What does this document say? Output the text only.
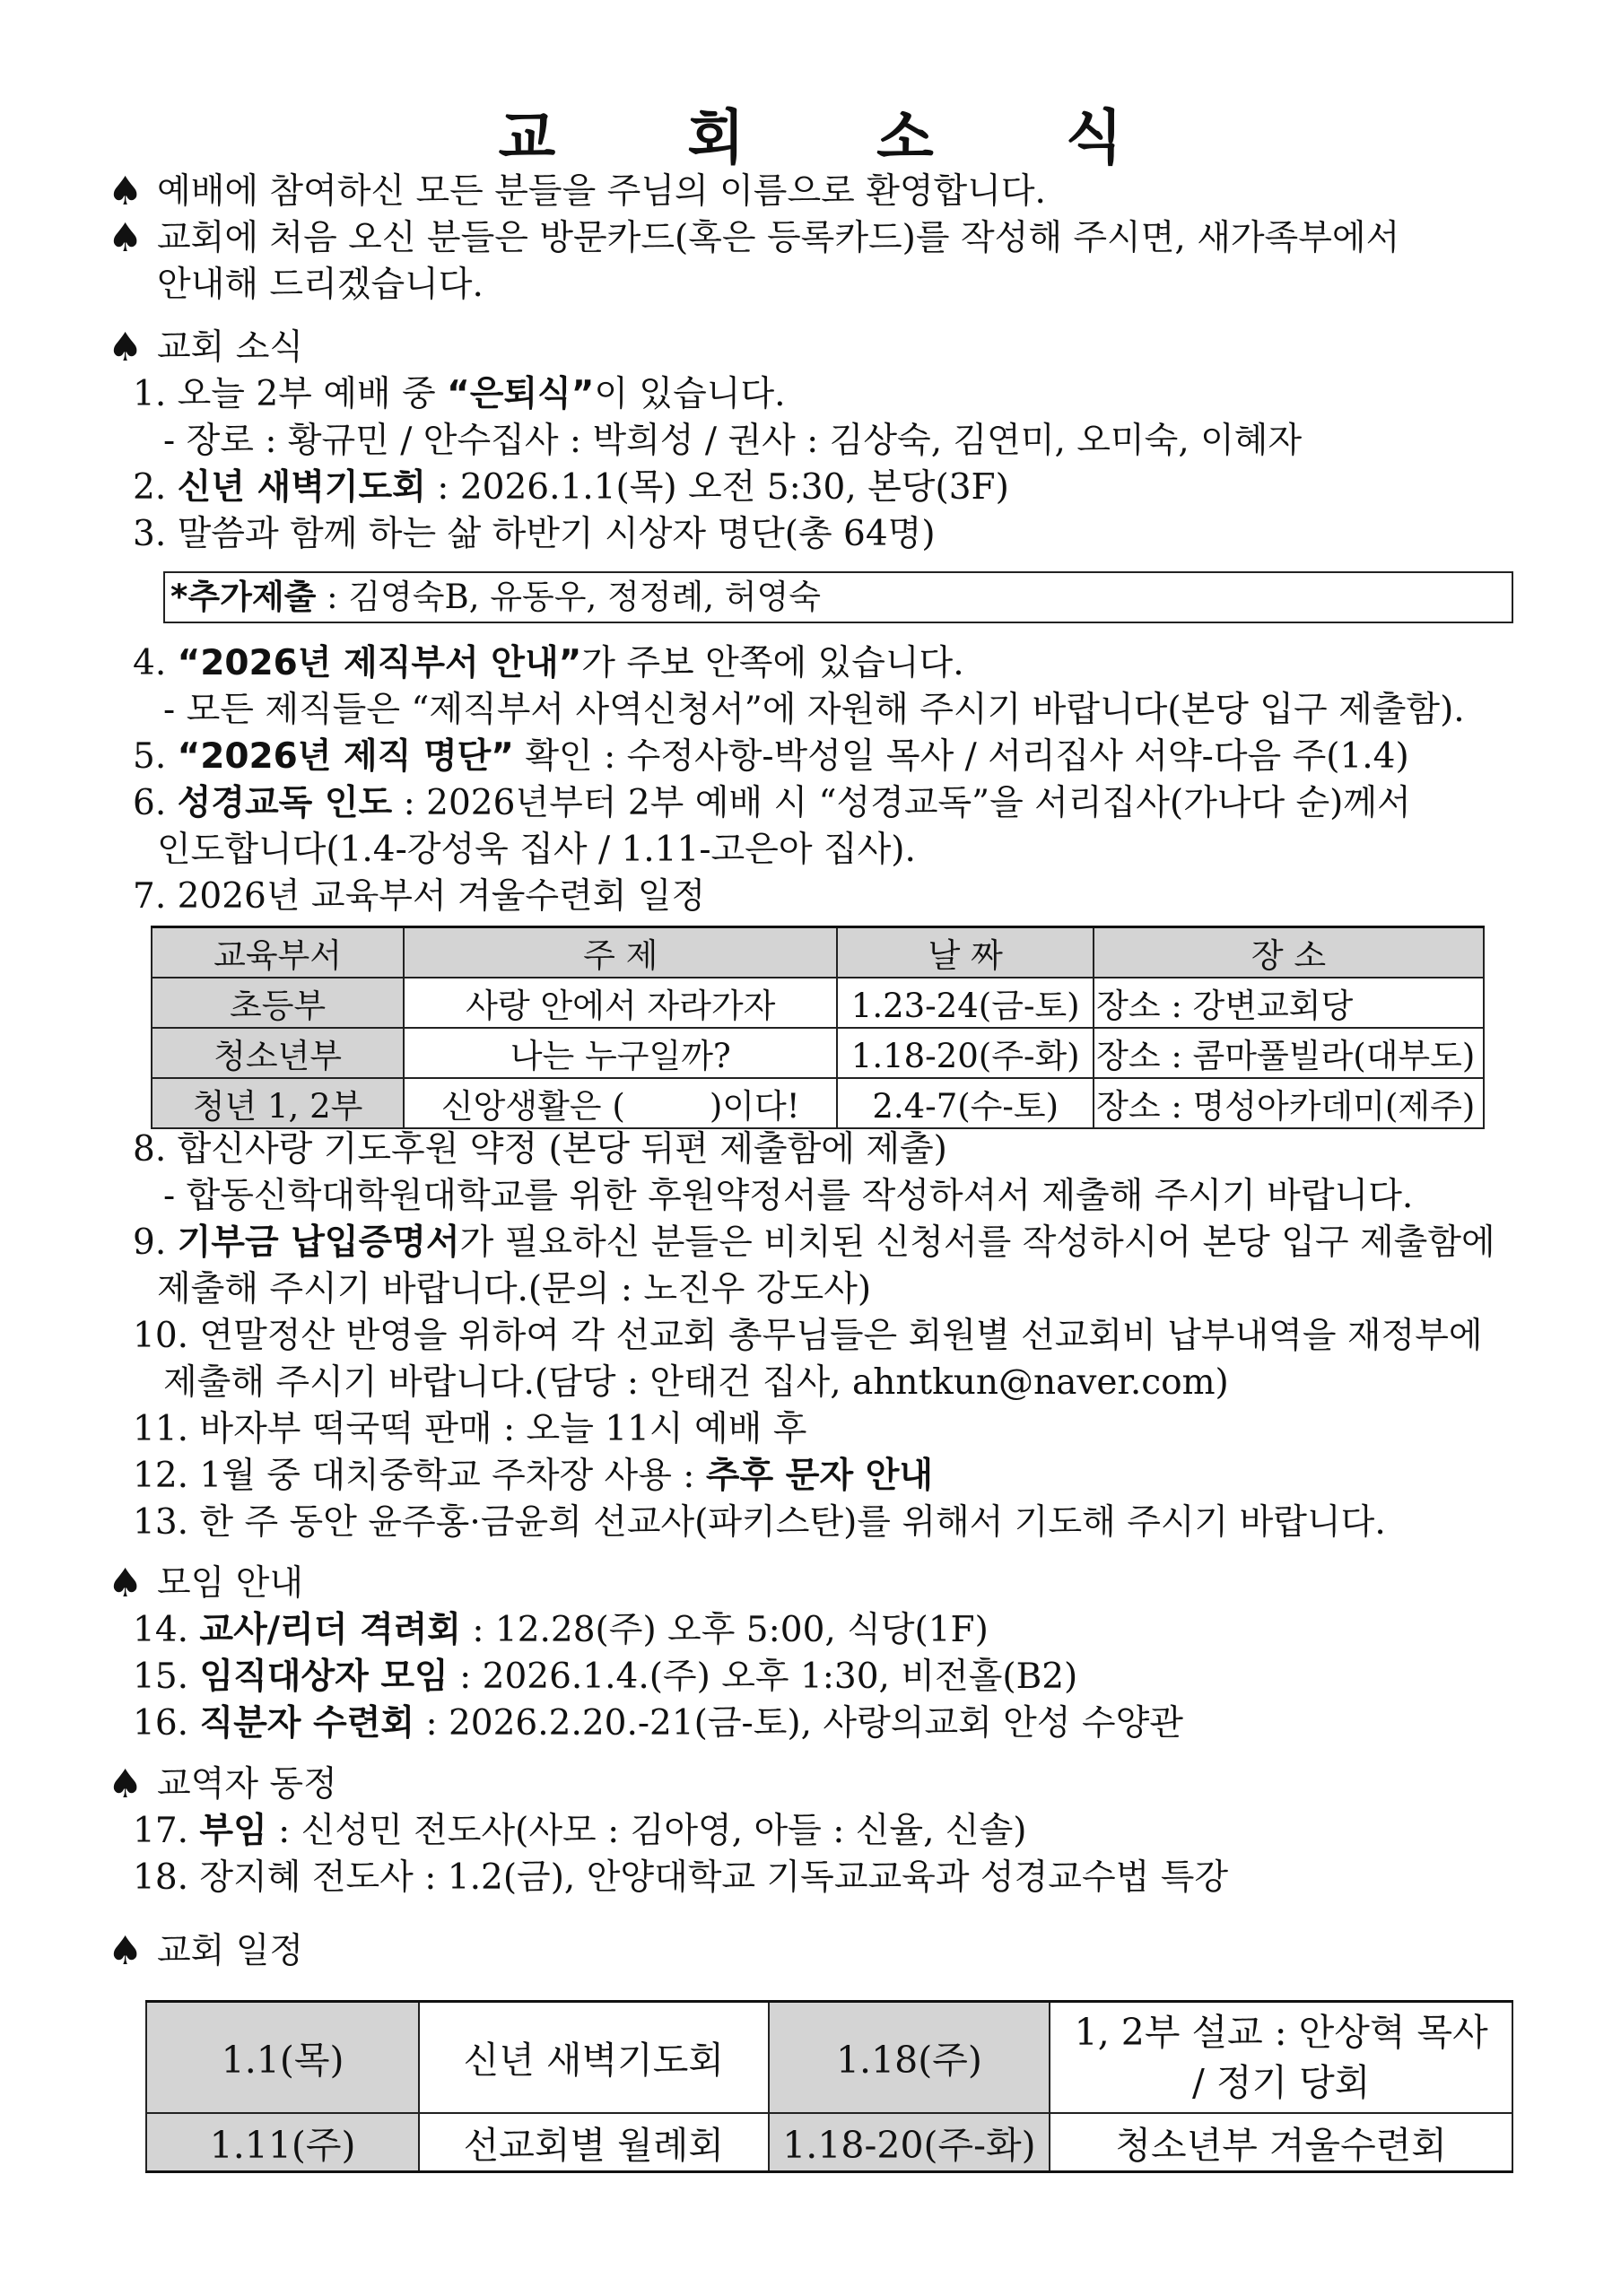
교 회 소 식
♠ 예배에 참여하신 모든 분들을 주님의 이름으로 환영합니다.
♠ 교회에 처음 오신 분들은 방문카드(혹은 등록카드)를 작성해 주시면, 새가족부에서
안내해 드리겠습니다.
♠ 교회 소식
1. 오늘 2부 예배 중 “은퇴식”이 있습니다.
- 장로 : 황규민 / 안수집사 : 박희성 / 권사 : 김상숙, 김연미, 오미숙, 이혜자
2. 신년 새벽기도회 : 2026.1.1(목) 오전 5:30, 본당(3F)
3. 말씀과 함께 하는 삶 하반기 시상자 명단(총 64명)
*추가제출 : 김영숙B, 유동우, 정정례, 허영숙
4. “2026년 제직부서 안내”가 주보 안쪽에 있습니다.
- 모든 제직들은 “제직부서 사역신청서”에 자원해 주시기 바랍니다(본당 입구 제출함).
5. “2026년 제직 명단” 확인 : 수정사항-박성일 목사 / 서리집사 서약-다음 주(1.4)
6. 성경교독 인도 : 2026년부터 2부 예배 시 “성경교독”을 서리집사(가나다 순)께서
인도합니다(1.4-강성욱 집사 / 1.11-고은아 집사).
7. 2026년 교육부서 겨울수련회 일정
교육부서	주 제	날 짜	장 소
초등부	사랑 안에서 자라가자	1.23-24(금-토)	장소 : 강변교회당
청소년부	나는 누구일까?	1.18-20(주-화)	장소 : 콤마풀빌라(대부도)
청년 1, 2부	신앙생활은 (        )이다!	2.4-7(수-토)	장소 : 명성아카데미(제주)
8. 합신사랑 기도후원 약정 (본당 뒤편 제출함에 제출)
- 합동신학대학원대학교를 위한 후원약정서를 작성하셔서 제출해 주시기 바랍니다.
9. 기부금 납입증명서가 필요하신 분들은 비치된 신청서를 작성하시어 본당 입구 제출함에
제출해 주시기 바랍니다.(문의 : 노진우 강도사)
10. 연말정산 반영을 위하여 각 선교회 총무님들은 회원별 선교회비 납부내역을 재정부에
제출해 주시기 바랍니다.(담당 : 안태건 집사, ahntkun@naver.com)
11. 바자부 떡국떡 판매 : 오늘 11시 예배 후
12. 1월 중 대치중학교 주차장 사용 : 추후 문자 안내
13. 한 주 동안 윤주홍·금윤희 선교사(파키스탄)를 위해서 기도해 주시기 바랍니다.
♠ 모임 안내
14. 교사/리더 격려회 : 12.28(주) 오후 5:00, 식당(1F)
15. 임직대상자 모임 : 2026.1.4.(주) 오후 1:30, 비전홀(B2)
16. 직분자 수련회 : 2026.2.20.-21(금-토), 사랑의교회 안성 수양관
♠ 교역자 동정
17. 부임 : 신성민 전도사(사모 : 김아영, 아들 : 신율, 신솔)
18. 장지혜 전도사 : 1.2(금), 안양대학교 기독교교육과 성경교수법 특강
♠ 교회 일정
1.1(목)	신년 새벽기도회	1.18(주)	1, 2부 설교 : 안상혁 목사
/ 정기 당회

1.11(주)	선교회별 월례회	1.18-20(주-화)	청소년부 겨울수련회
